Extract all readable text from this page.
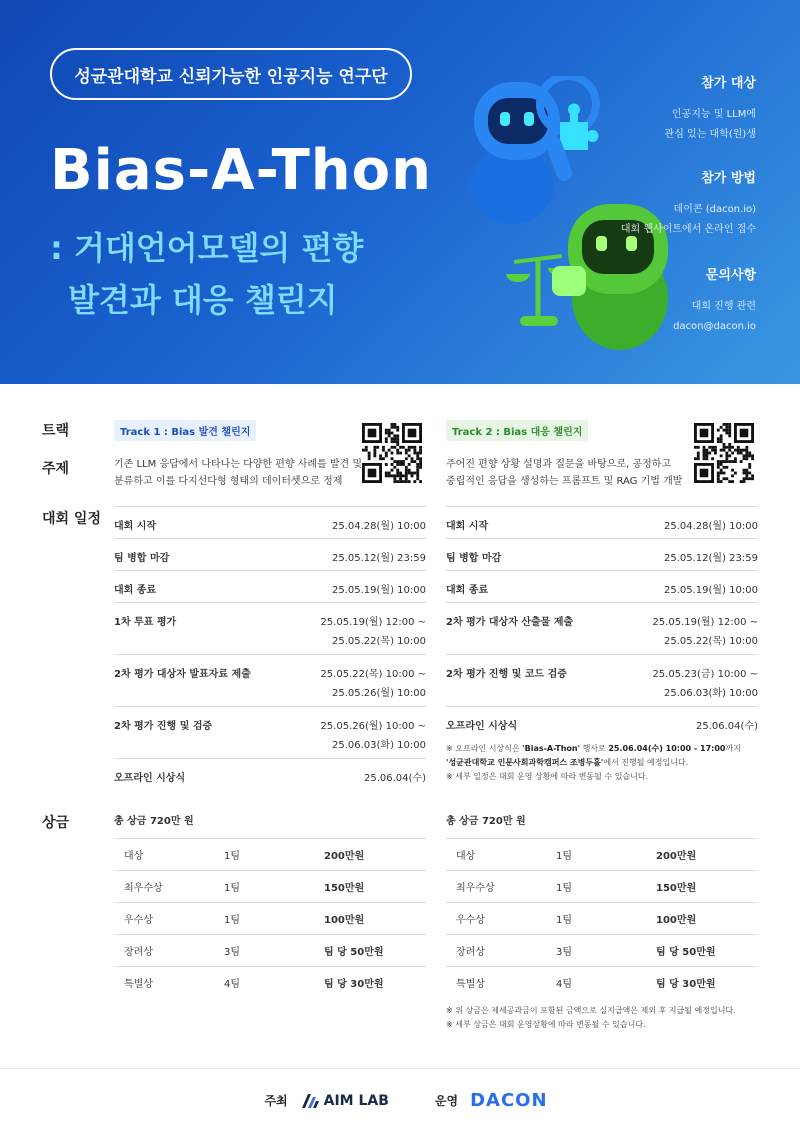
성균관대학교 신뢰가능한 인공지능 연구단
Bias-A-Thon
: 거대언어모델의 편향
발견과 대응 챌린지
참가 대상
인공지능 및 LLM에
관심 있는 대학(원)생
참가 방법
데이콘 (dacon.io)
대회 웹사이트에서 온라인 접수
문의사항
대회 진행 관련
dacon@dacon.io
트랙
주제
대회 일정
상금
Track 1 : Bias 발견 챌린지	Track 2 : Bias 대응 챌린지
기존 LLM 응답에서 나타나는 다양한 편향 사례를 발견 및
분류하고 이를 다지선다형 형태의 데이터셋으로 정제
주어진 편향 상황 설명과 질문을 바탕으로, 공정하고
중립적인 응답을 생성하는 프롬프트 및 RAG 기법 개발
대회 시작	25.04.28(월) 10:00
팀 병합 마감	25.05.12(월) 23:59
대회 종료	25.05.19(월) 10:00
1차 투표 평가	25.05.19(월) 12:00 ~
25.05.22(목) 10:00
2차 평가 대상자 발표자료 제출	25.05.22(목) 10:00 ~
25.05.26(월) 10:00
2차 평가 진행 및 검증	25.05.26(월) 10:00 ~
25.06.03(화) 10:00
오프라인 시상식	25.06.04(수)
대회 시작	25.04.28(월) 10:00
팀 병합 마감	25.05.12(월) 23:59
대회 종료	25.05.19(월) 10:00
2차 평가 대상자 산출물 제출	25.05.19(월) 12:00 ~
25.05.22(목) 10:00
2차 평가 진행 및 코드 검증	25.05.23(금) 10:00 ~
25.06.03(화) 10:00
오프라인 시상식	25.06.04(수)
※ 오프라인 시상식은 'Bias-A-Thon' 행사로 25.06.04(수) 10:00 - 17:00까지
'성균관대학교 인문사회과학캠퍼스 조병두홀'에서 진행될 예정입니다.
※ 세부 일정은 대회 운영 상황에 따라 변동될 수 있습니다.
총 상금 720만 원	총 상금 720만 원
대상	1팀	200만원
최우수상	1팀	150만원
우수상	1팀	100만원
장려상	3팀	팀 당 50만원
특별상	4팀	팀 당 30만원
대상	1팀	200만원
최우수상	1팀	150만원
우수상	1팀	100만원
장려상	3팀	팀 당 50만원
특별상	4팀	팀 당 30만원
※ 위 상금은 제세공과금이 포함된 금액으로 실지급액은 제외 후 지급될 예정입니다.
※ 세부 상금은 대회 운영상황에 따라 변동될 수 있습니다.
주최	AIM LAB	운영 DACON
